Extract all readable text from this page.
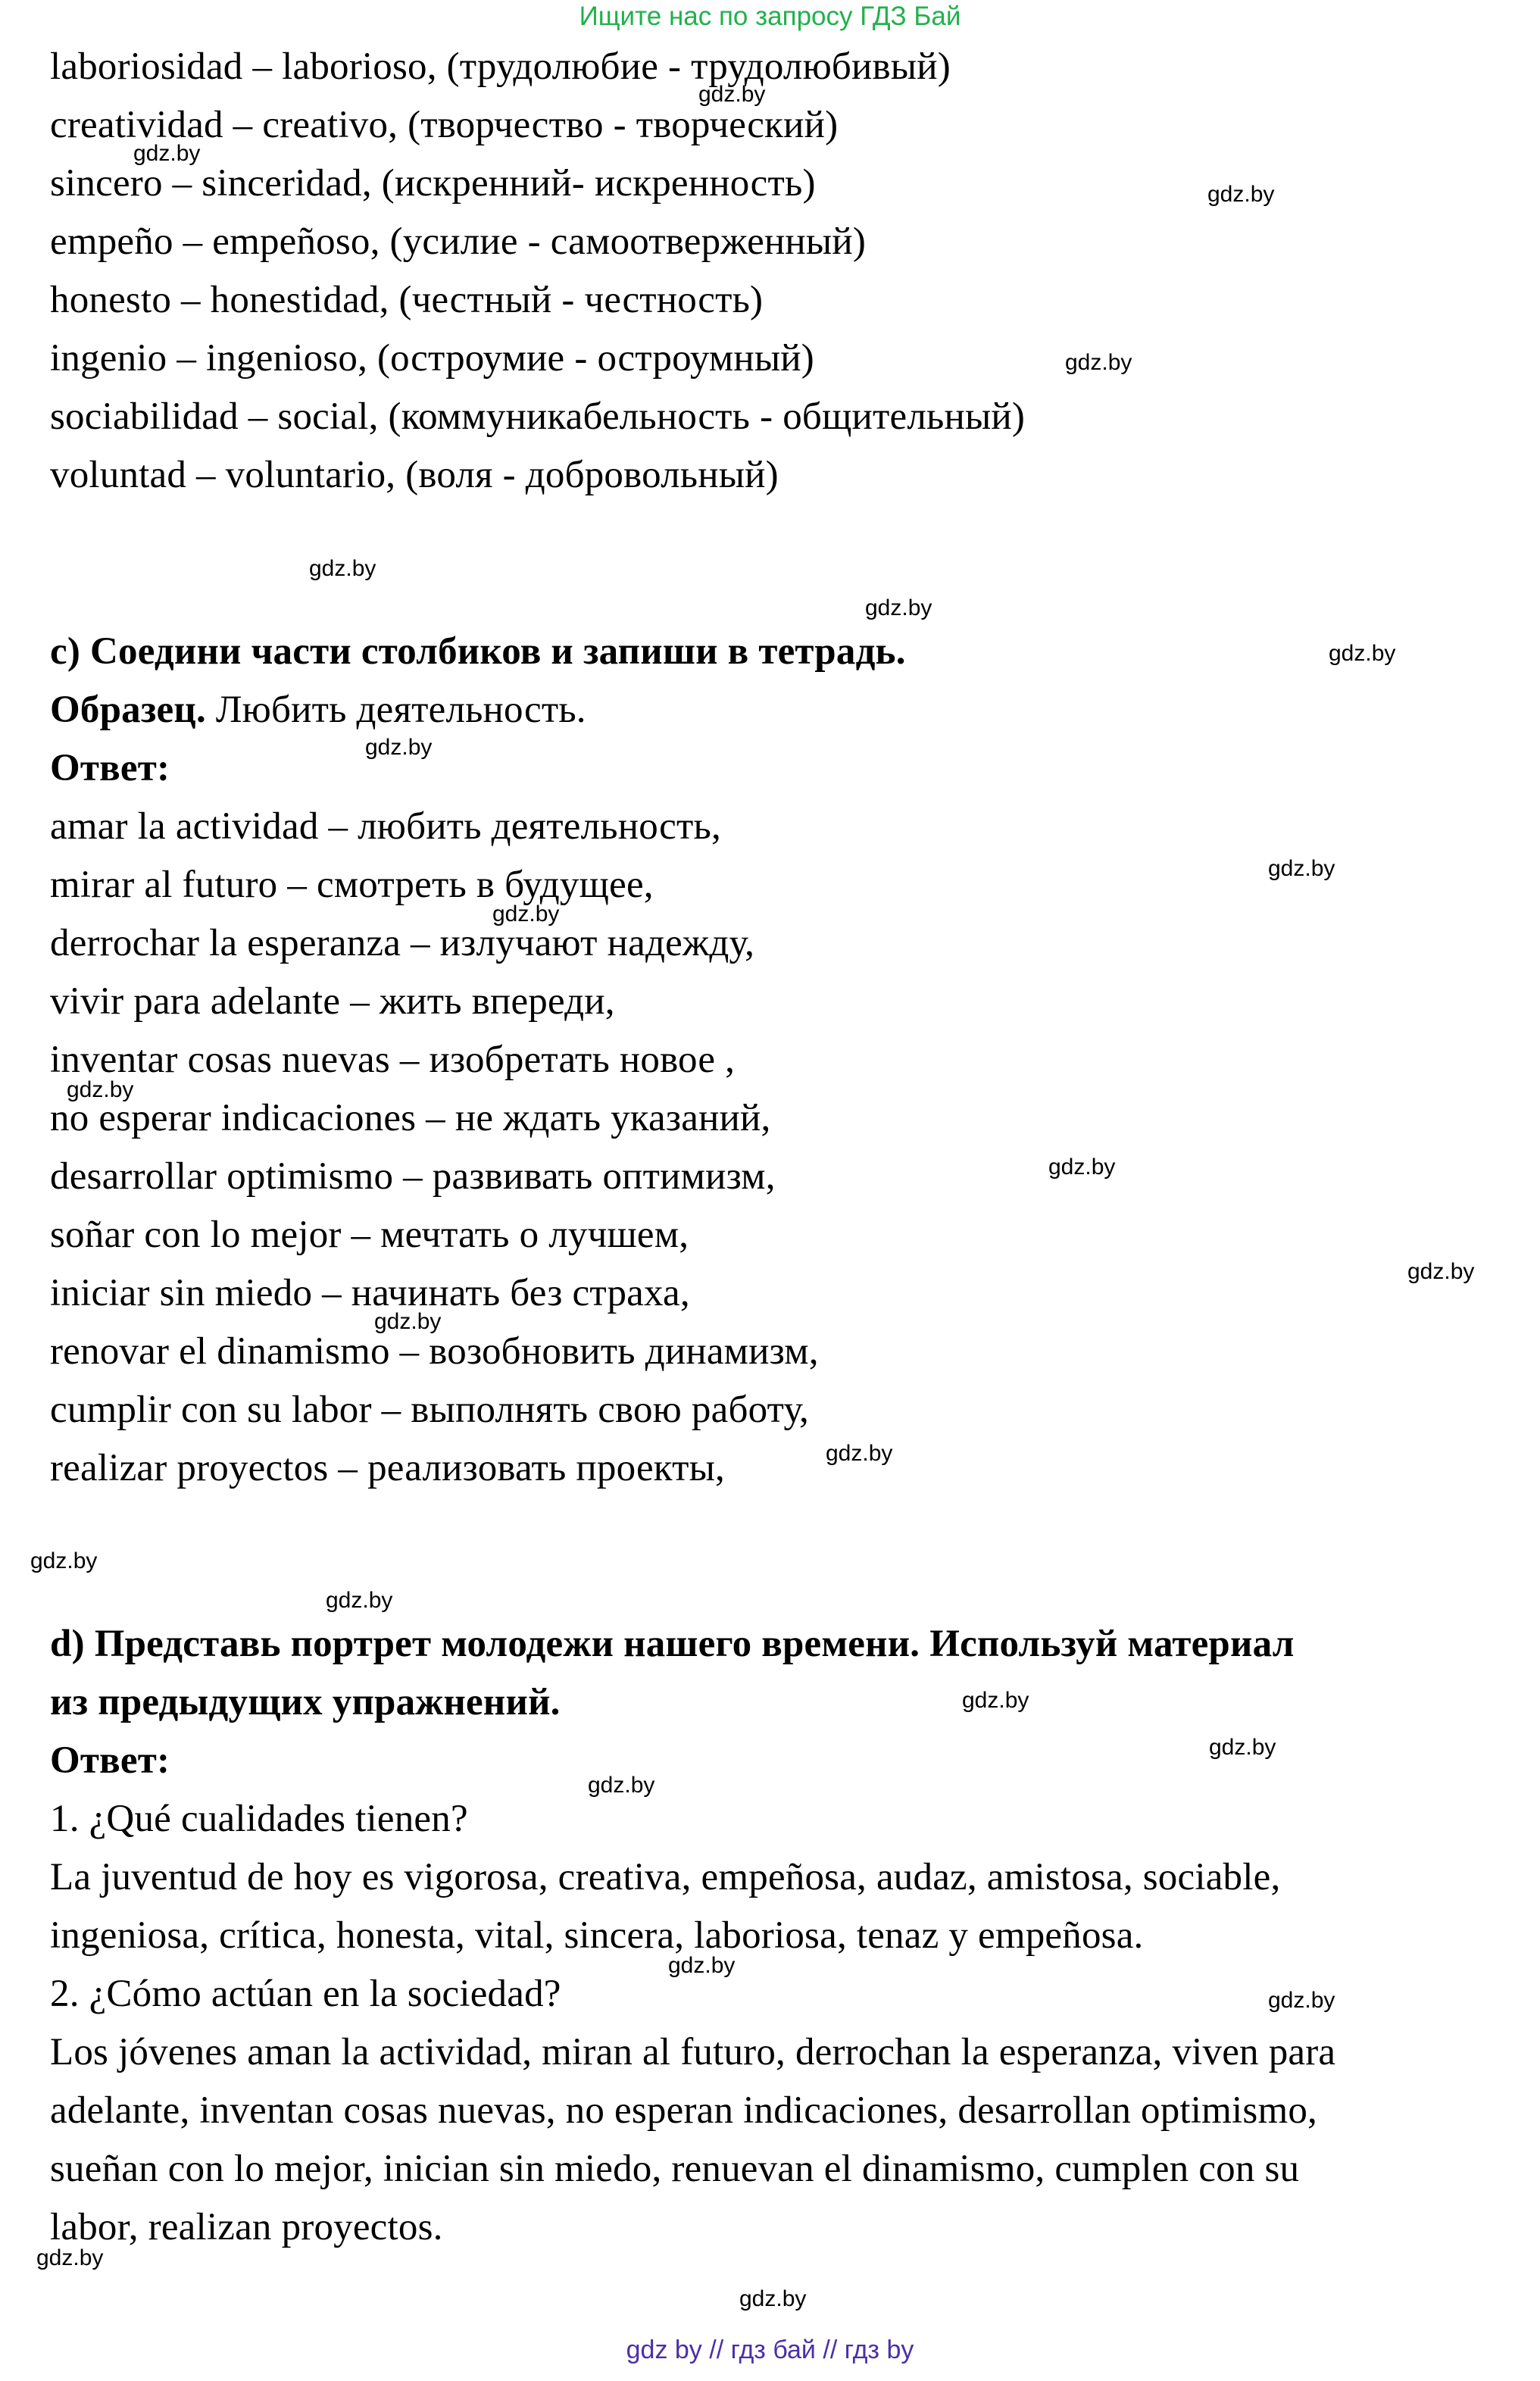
Ищите нас по запросу ГДЗ Бай
laboriosidad – laborioso, (трудолюбие - трудолюбивый)
creatividad – creativo, (творчество - творческий)
sincero – sinceridad, (искренний- искренность)
empeño – empeñoso, (усилие - самоотверженный)
honesto – honestidad, (честный - честность)
ingenio – ingenioso, (остроумие - остроумный)
sociabilidad – social, (коммуникабельность - общительный)
voluntad – voluntario, (воля - добровольный)
c) Соедини части столбиков и запиши в тетрадь.
Образец. Любить деятельность.
Ответ:
amar la actividad – любить деятельность,
mirar al futuro – смотреть в будущее,
derrochar la esperanza – излучают надежду,
vivir para adelante – жить впереди,
inventar cosas nuevas – изобретать новое ,
no esperar indicaciones – не ждать указаний,
desarrollar optimismo – развивать оптимизм,
soñar con lo mejor – мечтать о лучшем,
iniciar sin miedo – начинать без страха,
renovar el dinamismo – возобновить динамизм,
cumplir con su labor – выполнять свою работу,
realizar proyectos – реализовать проекты,
d) Представь портрет молодежи нашего времени. Используй материал
из предыдущих упражнений.
Ответ:
1. ¿Qué cualidades tienen?
La juventud de hoy es vigorosa, creativa, empeñosa, audaz, amistosa, sociable,
ingeniosa, crítica, honesta, vital, sincera, laboriosa, tenaz y empeñosa.
2. ¿Cómo actúan en la sociedad?
Los jóvenes aman la actividad, miran al futuro, derrochan la esperanza, viven para
adelante, inventan cosas nuevas, no esperan indicaciones, desarrollan optimismo,
sueñan con lo mejor, inician sin miedo, renuevan el dinamismo, cumplen con su
labor, realizan proyectos.
gdz.by
gdz.by
gdz.by
gdz.by
gdz.by
gdz.by
gdz.by
gdz.by
gdz.by
gdz.by
gdz.by
gdz.by
gdz.by
gdz.by
gdz.by
gdz.by
gdz.by
gdz.by
gdz.by
gdz.by
gdz.by
gdz.by
gdz.by
gdz.by
gdz by // гдз бай // гдз by
